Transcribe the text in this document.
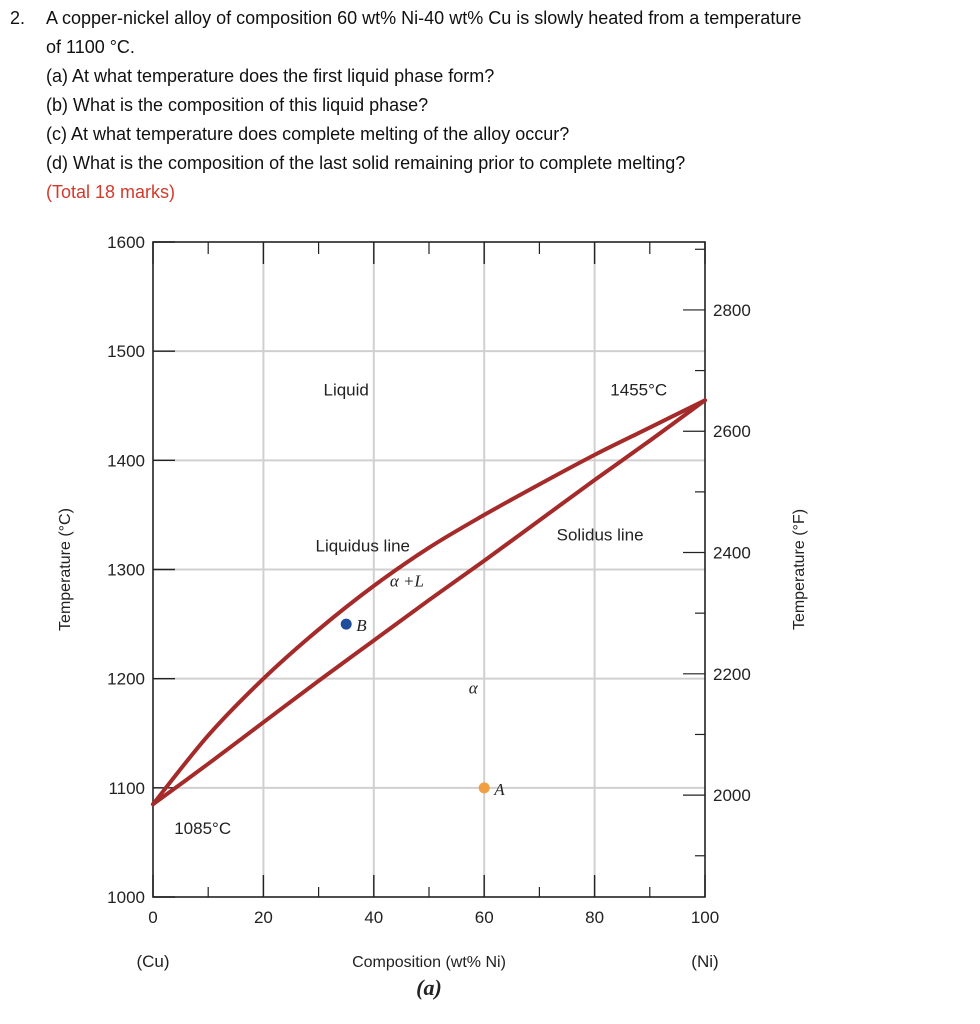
2. A copper-nickel alloy of composition 60 wt% Ni-40 wt% Cu is slowly heated from a temperature
of 1100 °C.
(a) At what temperature does the first liquid phase form?
(b) What is the composition of this liquid phase?
(c) At what temperature does complete melting of the alloy occur?
(d) What is the composition of the last solid remaining prior to complete melting?
(Total 18 marks)
0	20	40	60	80	100
1000
1100
1200
1300
1400
1500
1600
2000
2200
2400
2600
2800
(Cu)	(Ni)
Composition (wt% Ni)
(a)
Temperature (°C)	Temperature (°F)
B
A
Liquid	1455°C
Liquidus line
Solidus line
α +L
α
1085°C
